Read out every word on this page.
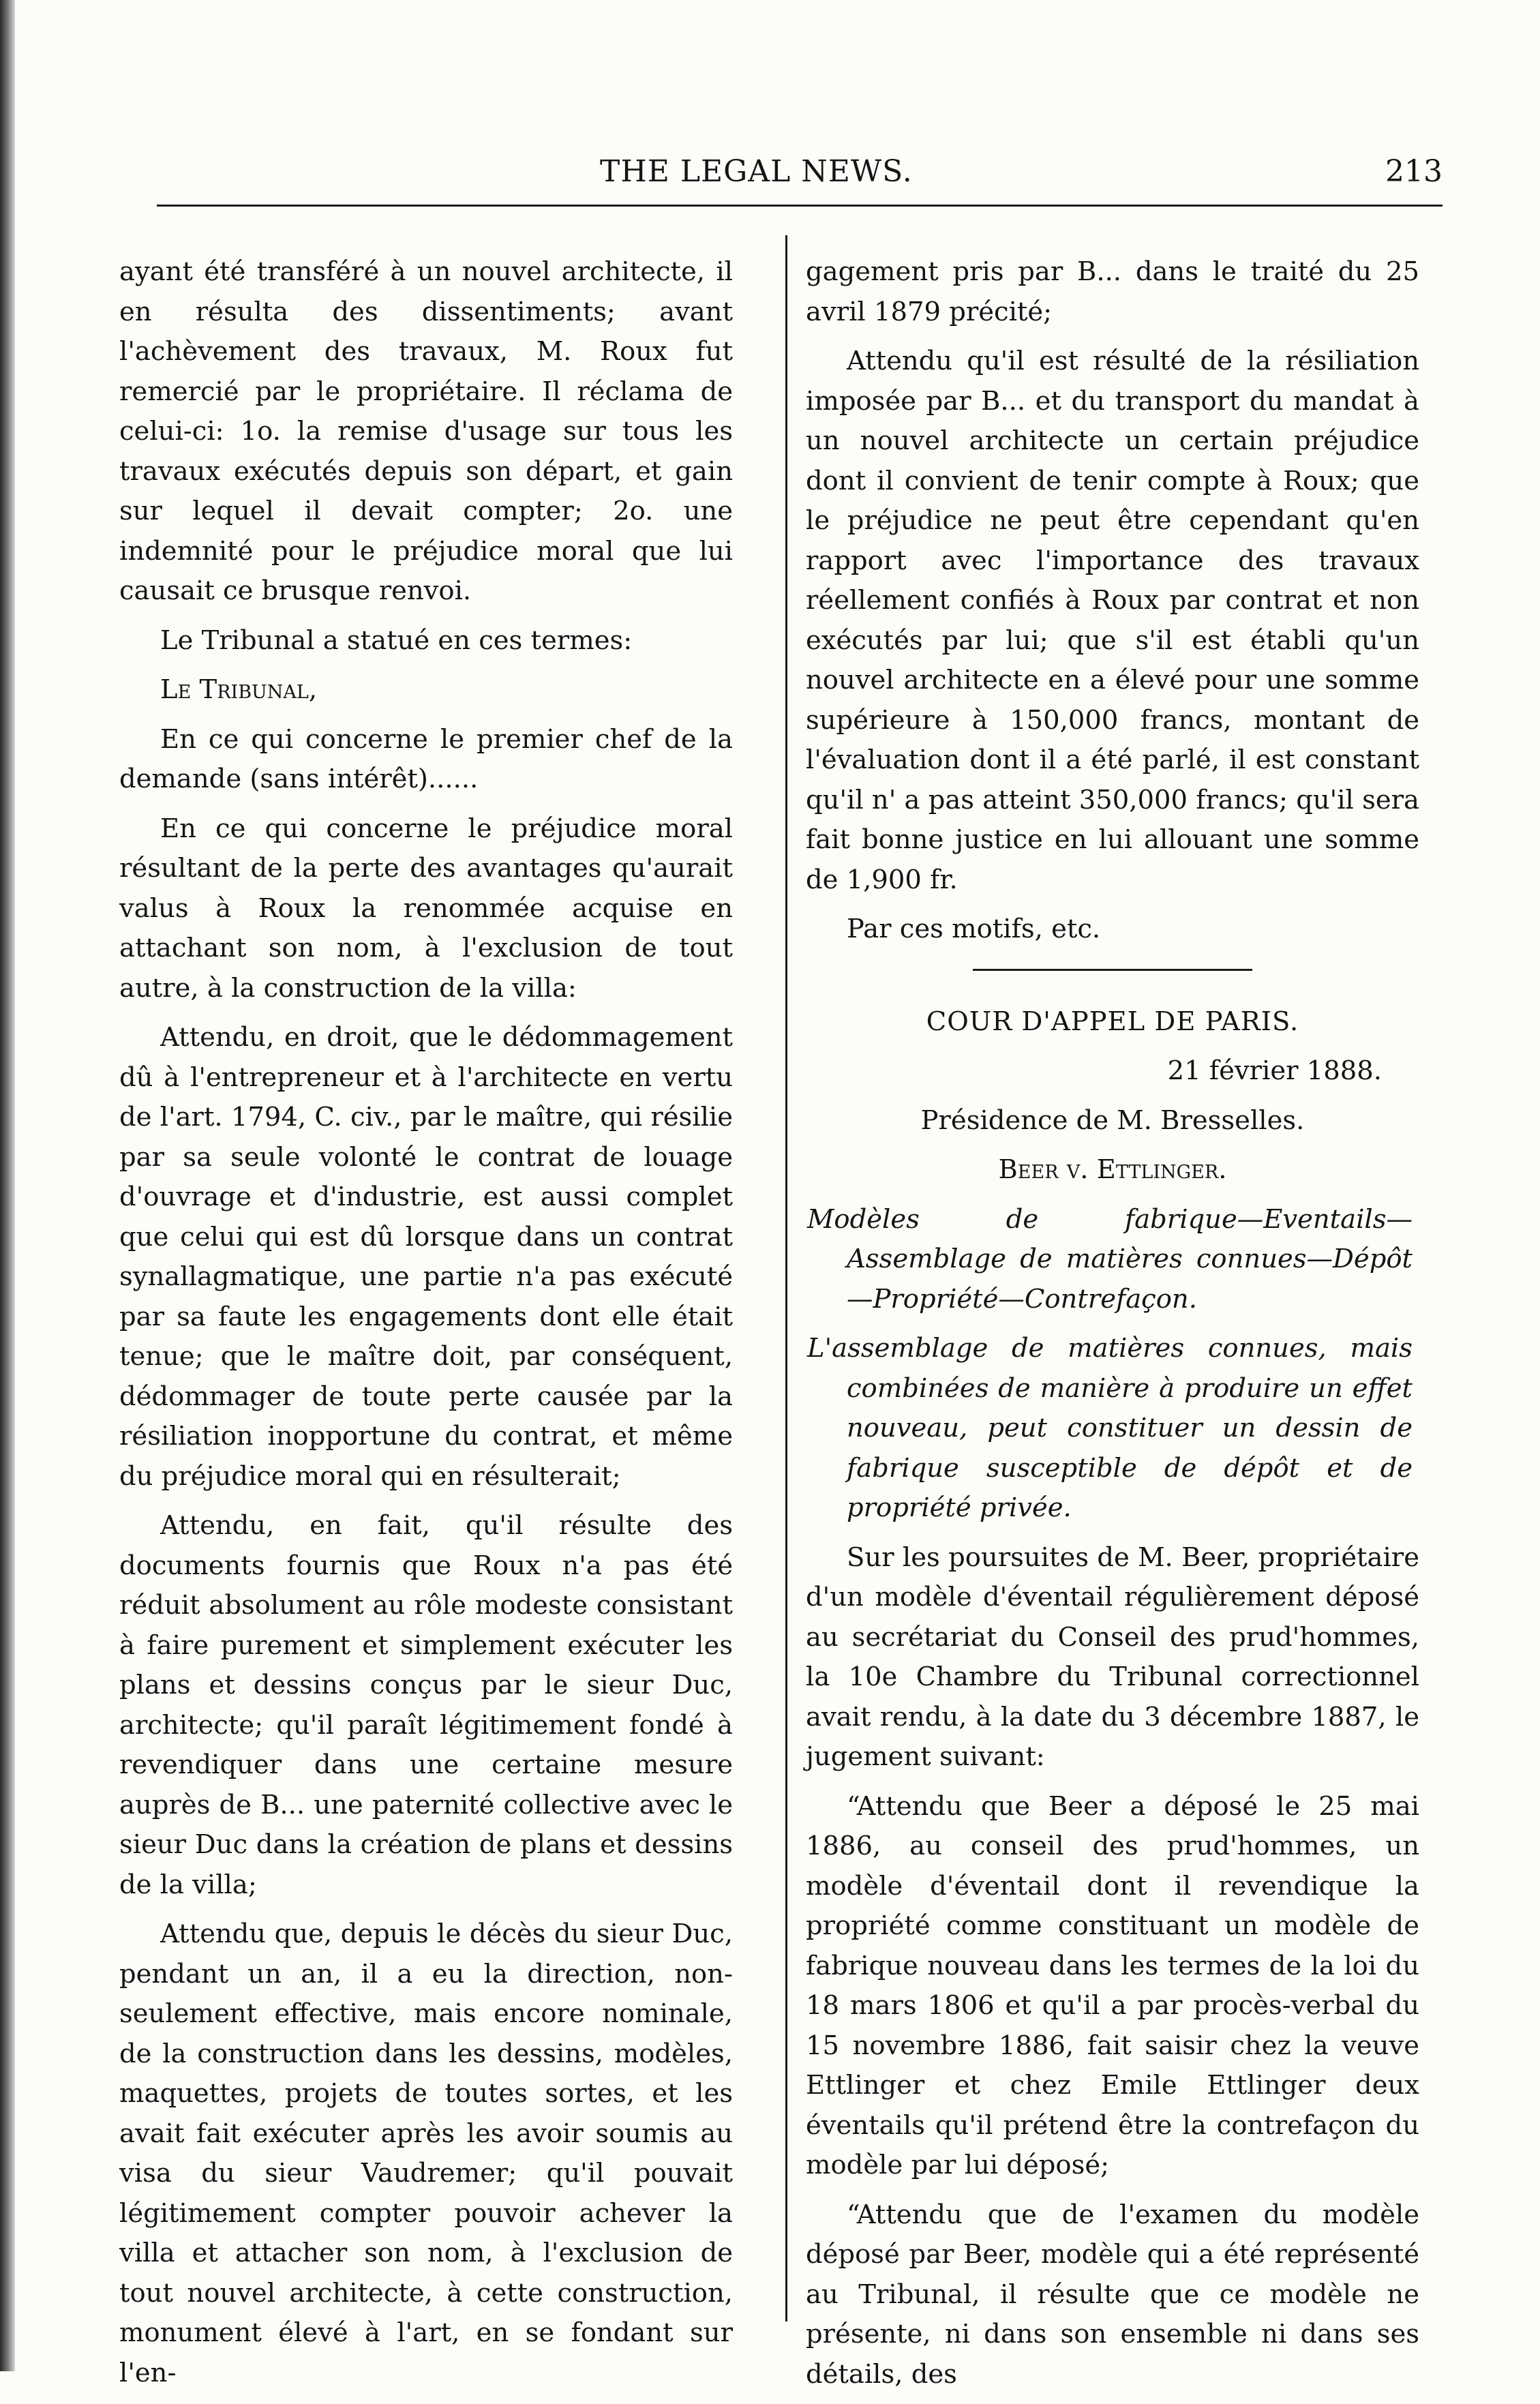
THE LEGAL NEWS.	213

ayant été transféré à un nouvel architecte, il en résulta des dissentiments; avant l'achèvement des travaux, M. Roux fut remercié par le propriétaire. Il réclama de celui-ci: 1o. la remise d'usage sur tous les travaux exécutés depuis son départ, et gain sur lequel il devait compter; 2o. une indemnité pour le préjudice moral que lui causait ce brusque renvoi.

Le Tribunal a statué en ces termes:

Le Tribunal,

En ce qui concerne le premier chef de la demande (sans intérêt)......

En ce qui concerne le préjudice moral résultant de la perte des avantages qu'aurait valus à Roux la renommée acquise en attachant son nom, à l'exclusion de tout autre, à la construction de la villa:

Attendu, en droit, que le dédommagement dû à l'entrepreneur et à l'architecte en vertu de l'art. 1794, C. civ., par le maître, qui résilie par sa seule volonté le contrat de louage d'ouvrage et d'industrie, est aussi complet que celui qui est dû lorsque dans un contrat synallagmatique, une partie n'a pas exécuté par sa faute les engagements dont elle était tenue; que le maître doit, par conséquent, dédommager de toute perte causée par la résiliation inopportune du contrat, et même du préjudice moral qui en résulterait;

Attendu, en fait, qu'il résulte des documents fournis que Roux n'a pas été réduit absolument au rôle modeste consistant à faire purement et simplement exécuter les plans et dessins conçus par le sieur Duc, architecte; qu'il paraît légitimement fondé à revendiquer dans une certaine mesure auprès de B... une paternité collective avec le sieur Duc dans la création de plans et dessins de la villa;

Attendu que, depuis le décès du sieur Duc, pendant un an, il a eu la direction, non-seulement effective, mais encore nominale, de la construction dans les dessins, modèles, maquettes, projets de toutes sortes, et les avait fait exécuter après les avoir soumis au visa du sieur Vaudremer; qu'il pouvait légitimement compter pouvoir achever la villa et attacher son nom, à l'exclusion de tout nouvel architecte, à cette construction, monument élevé à l'art, en se fondant sur l'en-

gagement pris par B... dans le traité du 25 avril 1879 précité;

Attendu qu'il est résulté de la résiliation imposée par B... et du transport du mandat à un nouvel architecte un certain préjudice dont il convient de tenir compte à Roux; que le préjudice ne peut être cependant qu'en rapport avec l'importance des travaux réellement confiés à Roux par contrat et non exécutés par lui; que s'il est établi qu'un nouvel architecte en a élevé pour une somme supérieure à 150,000 francs, montant de l'évaluation dont il a été parlé, il est constant qu'il n' a pas atteint 350,000 francs; qu'il sera fait bonne justice en lui allouant une somme de 1,900 fr.

Par ces motifs, etc.

COUR D'APPEL DE PARIS.

21 février 1888.

Présidence de M. Bresselles.

Beer v. Ettlinger.

Modèles de fabrique—Eventails—Assemblage de matières connues—Dépôt—Propriété—Contrefaçon.

L'assemblage de matières connues, mais combinées de manière à produire un effet nouveau, peut constituer un dessin de fabrique susceptible de dépôt et de propriété privée.

Sur les poursuites de M. Beer, propriétaire d'un modèle d'éventail régulièrement déposé au secrétariat du Conseil des prud'hommes, la 10e Chambre du Tribunal correctionnel avait rendu, à la date du 3 décembre 1887, le jugement suivant:

“Attendu que Beer a déposé le 25 mai 1886, au conseil des prud'hommes, un modèle d'éventail dont il revendique la propriété comme constituant un modèle de fabrique nouveau dans les termes de la loi du 18 mars 1806 et qu'il a par procès-verbal du 15 novembre 1886, fait saisir chez la veuve Ettlinger et chez Emile Ettlinger deux éventails qu'il prétend être la contrefaçon du modèle par lui déposé;

“Attendu que de l'examen du modèle déposé par Beer, modèle qui a été représenté au Tribunal, il résulte que ce modèle ne présente, ni dans son ensemble ni dans ses détails, des
